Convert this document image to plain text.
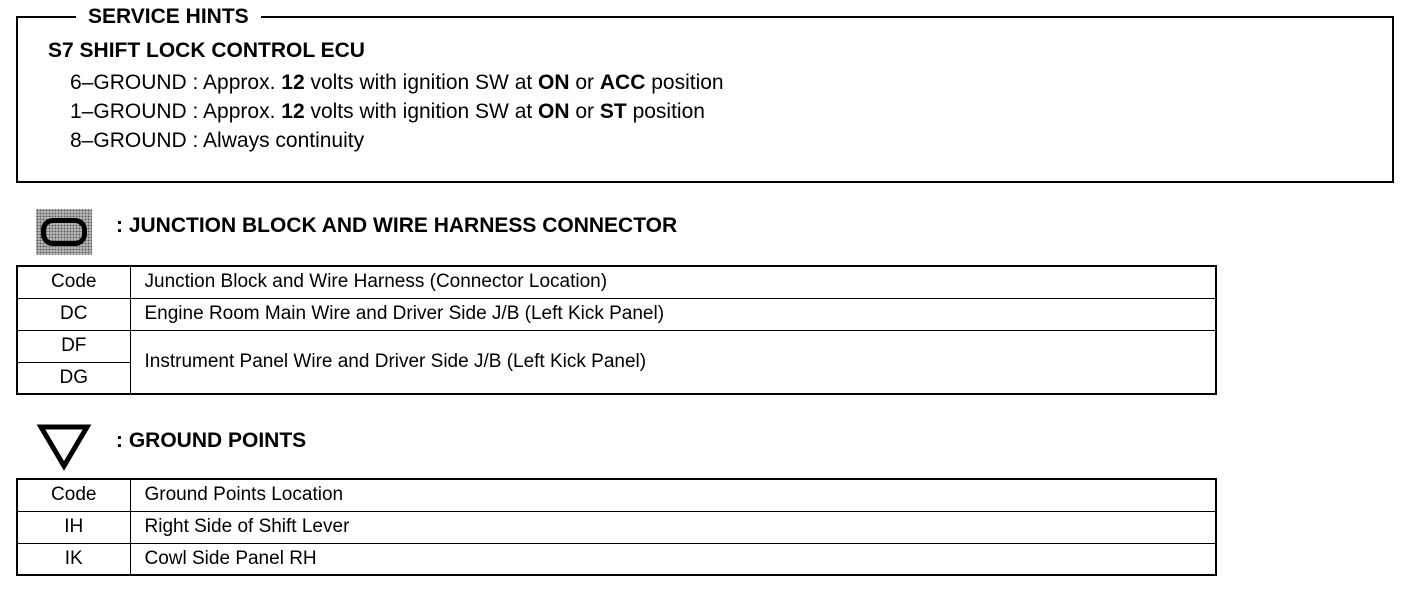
SERVICE HINTS
S7 SHIFT LOCK CONTROL ECU
6–GROUND : Approx. 12 volts with ignition SW at ON or ACC position
1–GROUND : Approx. 12 volts with ignition SW at ON or ST position
8–GROUND : Always continuity
: JUNCTION BLOCK AND WIRE HARNESS CONNECTOR
Code	Junction Block and Wire Harness (Connector Location)
DC	Engine Room Main Wire and Driver Side J/B (Left Kick Panel)
DF	Instrument Panel Wire and Driver Side J/B (Left Kick Panel)
DG	
: GROUND POINTS
Code	Ground Points Location
IH	Right Side of Shift Lever
IK	Cowl Side Panel RH
